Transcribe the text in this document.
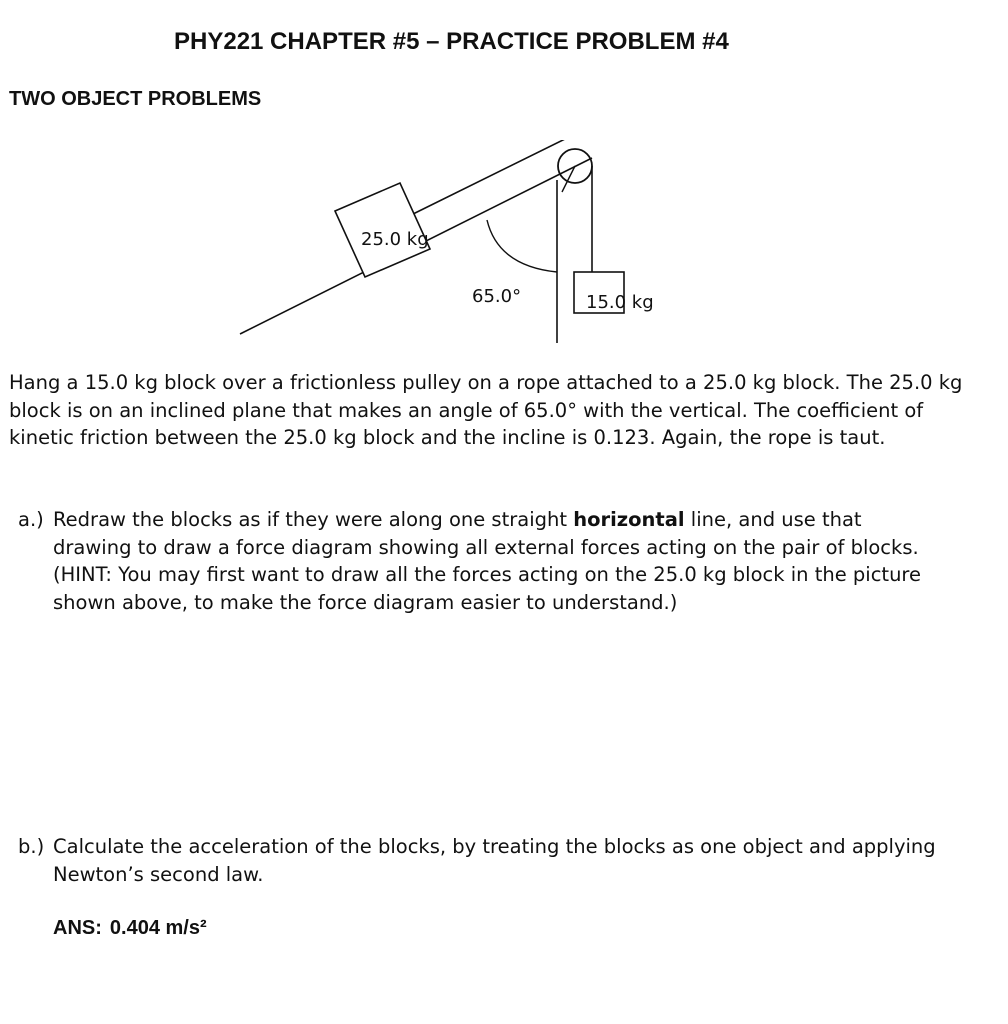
PHY221 CHAPTER #5 – PRACTICE PROBLEM #4
TWO OBJECT PROBLEMS
25.0 kg
65.0°	15.0 kg

Hang a 15.0 kg block over a frictionless pulley on a rope attached to a 25.0 kg block. The 25.0 kg block is on an inclined plane that makes an angle of 65.0° with the vertical. The coefficient of kinetic friction between the 25.0 kg block and the incline is 0.123. Again, the rope is taut.

a.) Redraw the blocks as if they were along one straight horizontal line, and use that drawing to draw a force diagram showing all external forces acting on the pair of blocks. (HINT: You may first want to draw all the forces acting on the 25.0 kg block in the picture shown above, to make the force diagram easier to understand.)
b.) Calculate the acceleration of the blocks, by treating the blocks as one object and applying Newton’s second law.

ANS: 0.404 m/s²
